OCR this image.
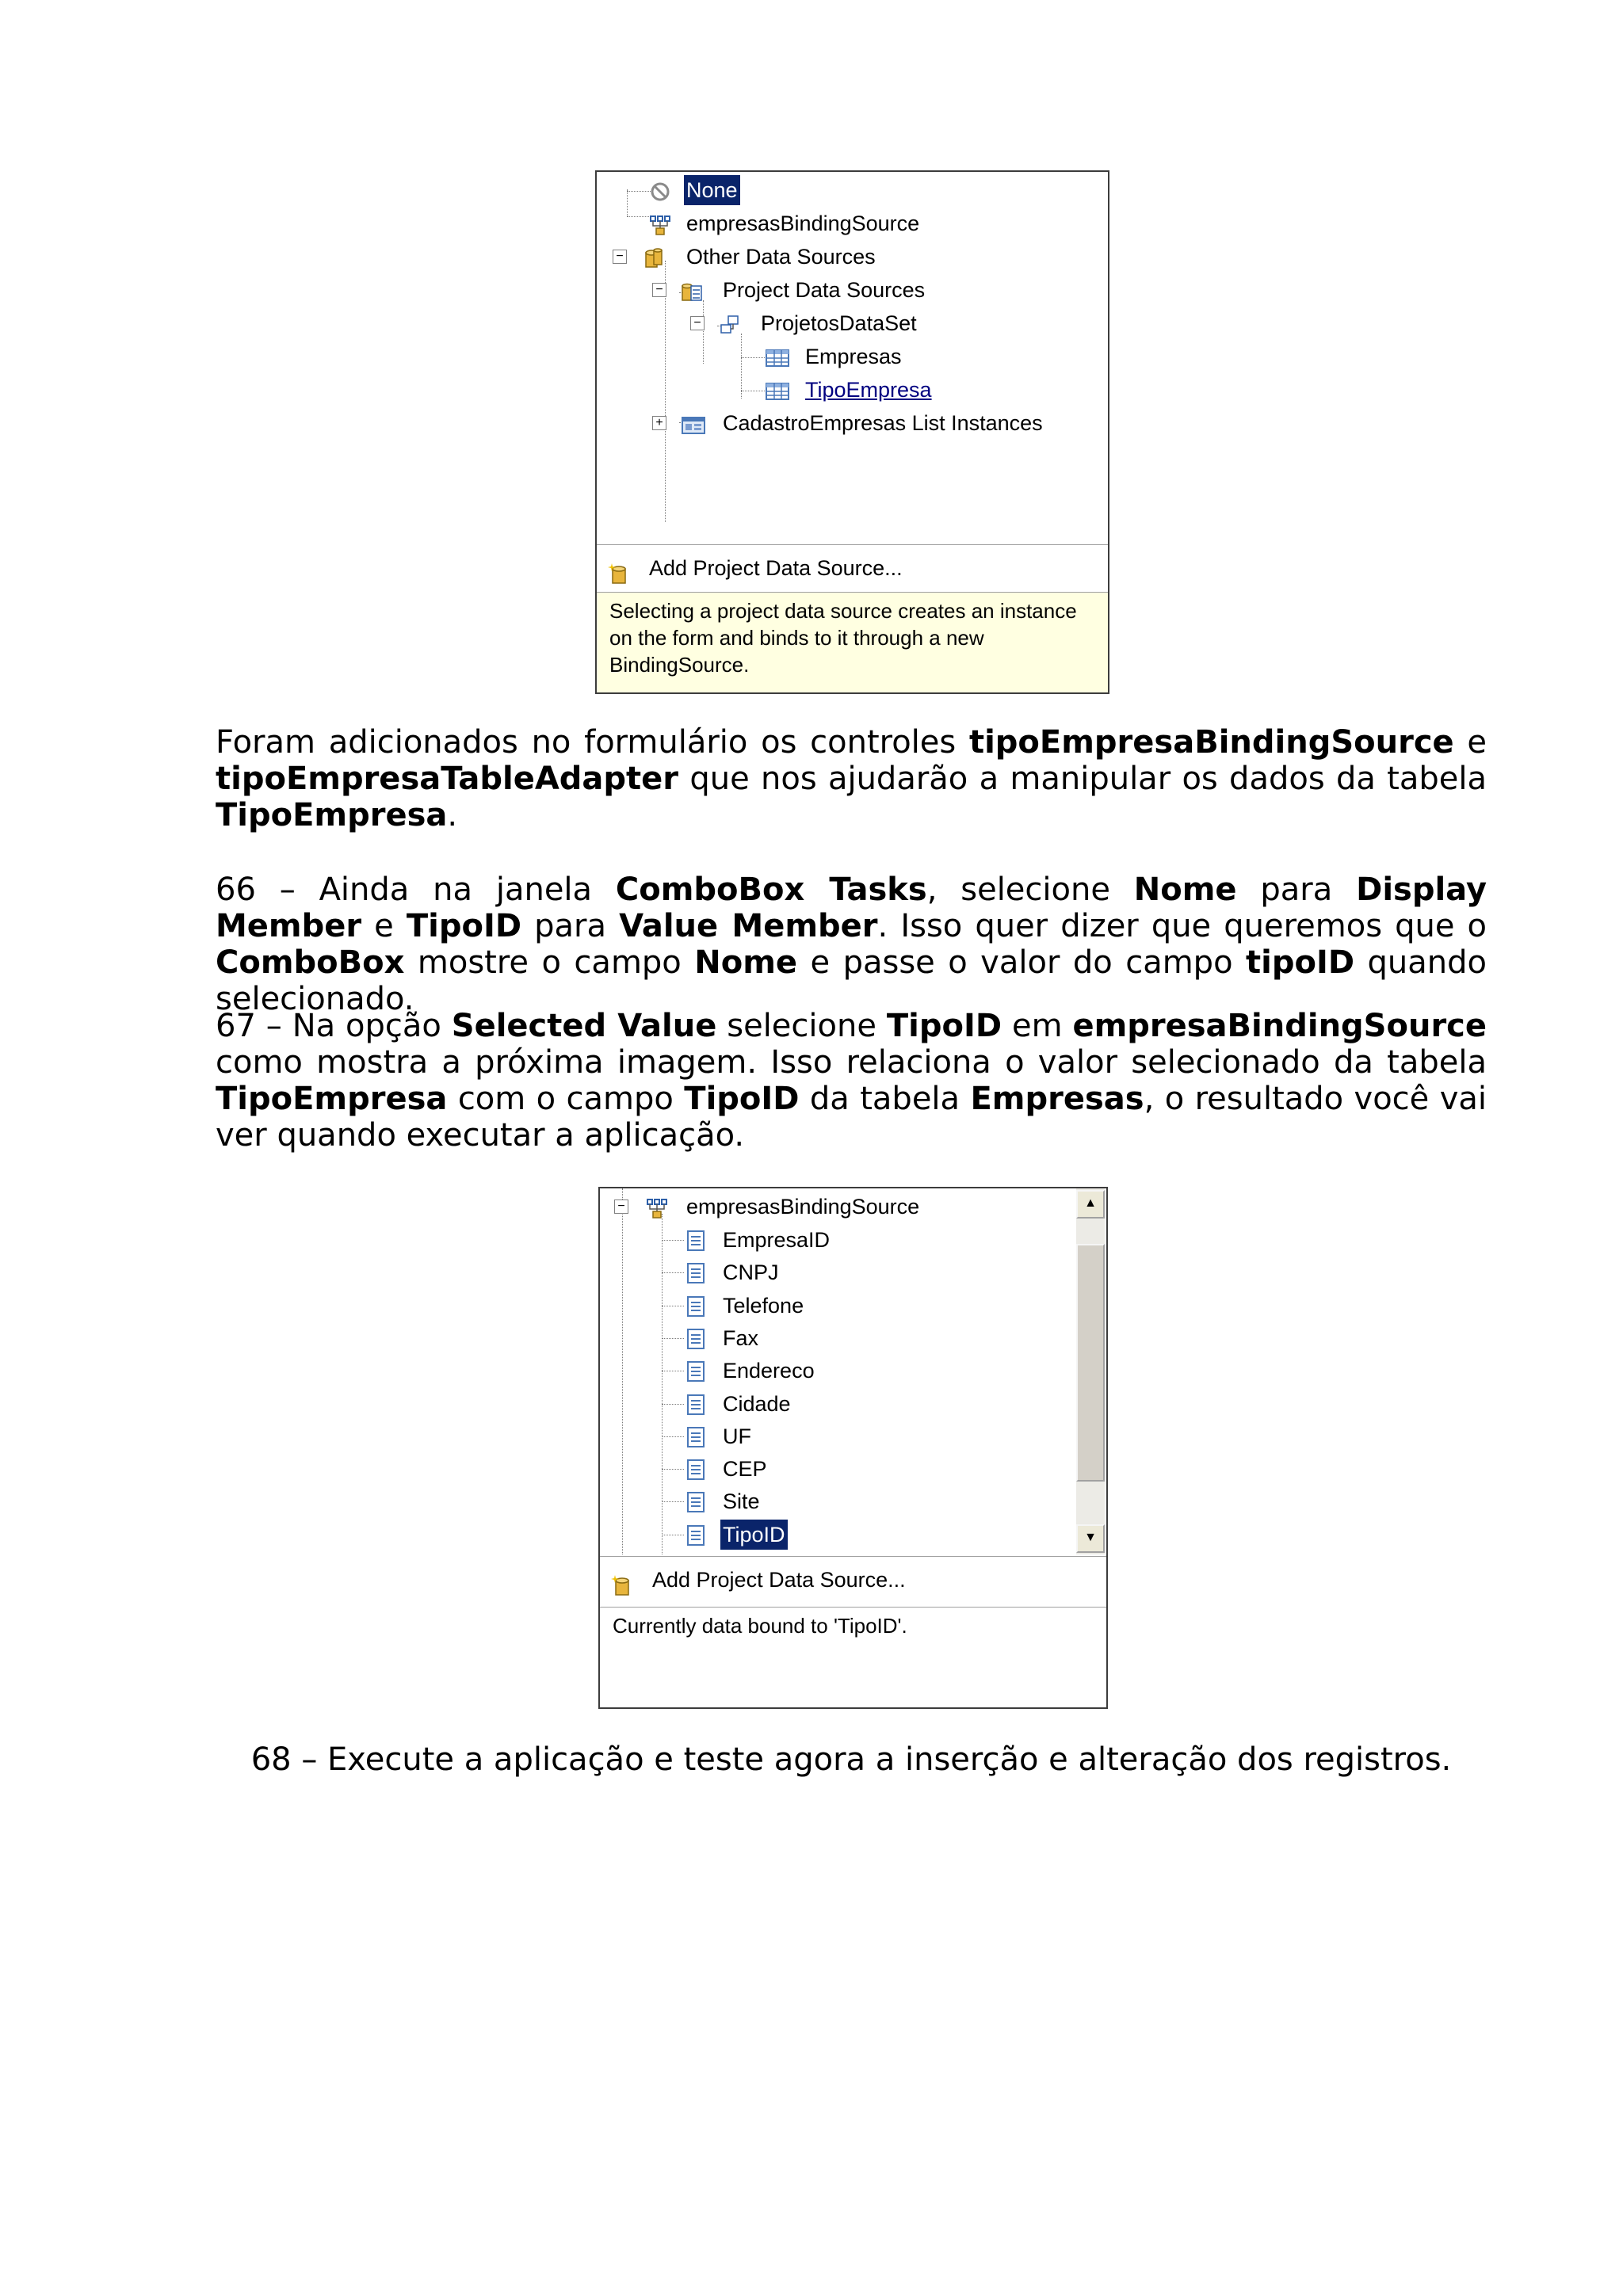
None
empresasBindingSource
−	Other Data Sources
−	Project Data Sources
−	ProjetosDataSet
Empresas
TipoEmpresa
+	CadastroEmpresas List Instances
Add Project Data Source...
Selecting a project data source creates an instance on the form and binds to it through a new BindingSource.
Foram adicionados no formulário os controles tipoEmpresaBindingSource e tipoEmpresaTableAdapter que nos ajudarão a manipular os dados da tabela TipoEmpresa.
66 – Ainda na janela ComboBox Tasks, selecione Nome para Display Member e TipoID para Value Member. Isso quer dizer que queremos que o ComboBox mostre o campo Nome e passe o valor do campo tipoID quando selecionado.
67 – Na opção Selected Value selecione TipoID em empresaBindingSource como mostra a próxima imagem. Isso relaciona o valor selecionado da tabela TipoEmpresa com o campo TipoID da tabela Empresas, o resultado você vai ver quando executar a aplicação.
−	empresasBindingSource
EmpresaID
CNPJ
Telefone
Fax
Endereco
Cidade
UF
CEP
Site
TipoID
▲
▼
Add Project Data Source...
Currently data bound to 'TipoID'.
68 – Execute a aplicação e teste agora a inserção e alteração dos registros.
